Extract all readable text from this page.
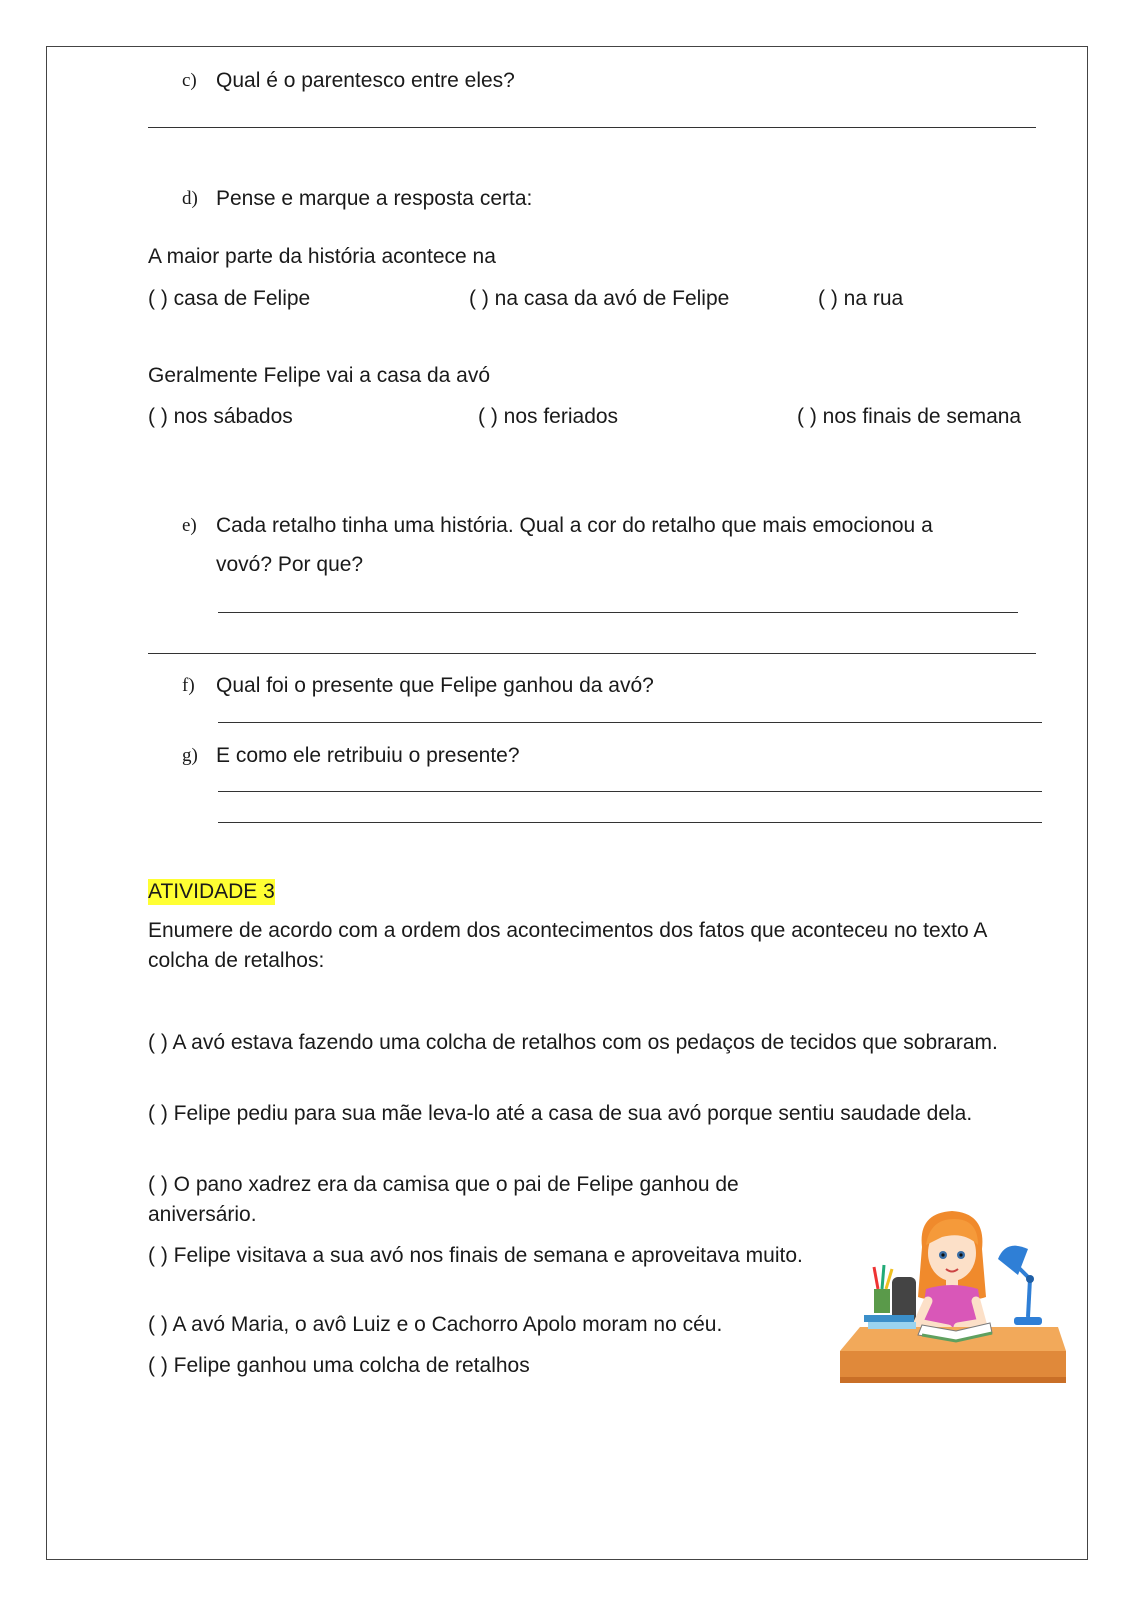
c) Qual é o parentesco entre eles?
d) Pense e marque a resposta certa:
A maior parte da história acontece na
( ) casa de Felipe	( ) na casa da avó de Felipe	( ) na rua
Geralmente Felipe vai a casa da avó
( ) nos sábados	( ) nos feriados	( ) nos finais de semana
e) Cada retalho tinha uma história. Qual a cor do retalho que mais emocionou a
vovó? Por que?
f) Qual foi o presente que Felipe ganhou da avó?
g) E como ele retribuiu o presente?
ATIVIDADE 3
Enumere de acordo com a ordem dos acontecimentos dos fatos que aconteceu no texto A colcha de retalhos:
( ) A avó estava fazendo uma colcha de retalhos com os pedaços de tecidos que sobraram.
( ) Felipe pediu para sua mãe leva-lo até a casa de sua avó porque sentiu saudade dela.
( ) O pano xadrez era da camisa que o pai de Felipe ganhou de aniversário.
( ) Felipe visitava a sua avó nos finais de semana e aproveitava muito.
( ) A avó Maria, o avô Luiz e o Cachorro Apolo moram no céu.
( ) Felipe ganhou uma colcha de retalhos
